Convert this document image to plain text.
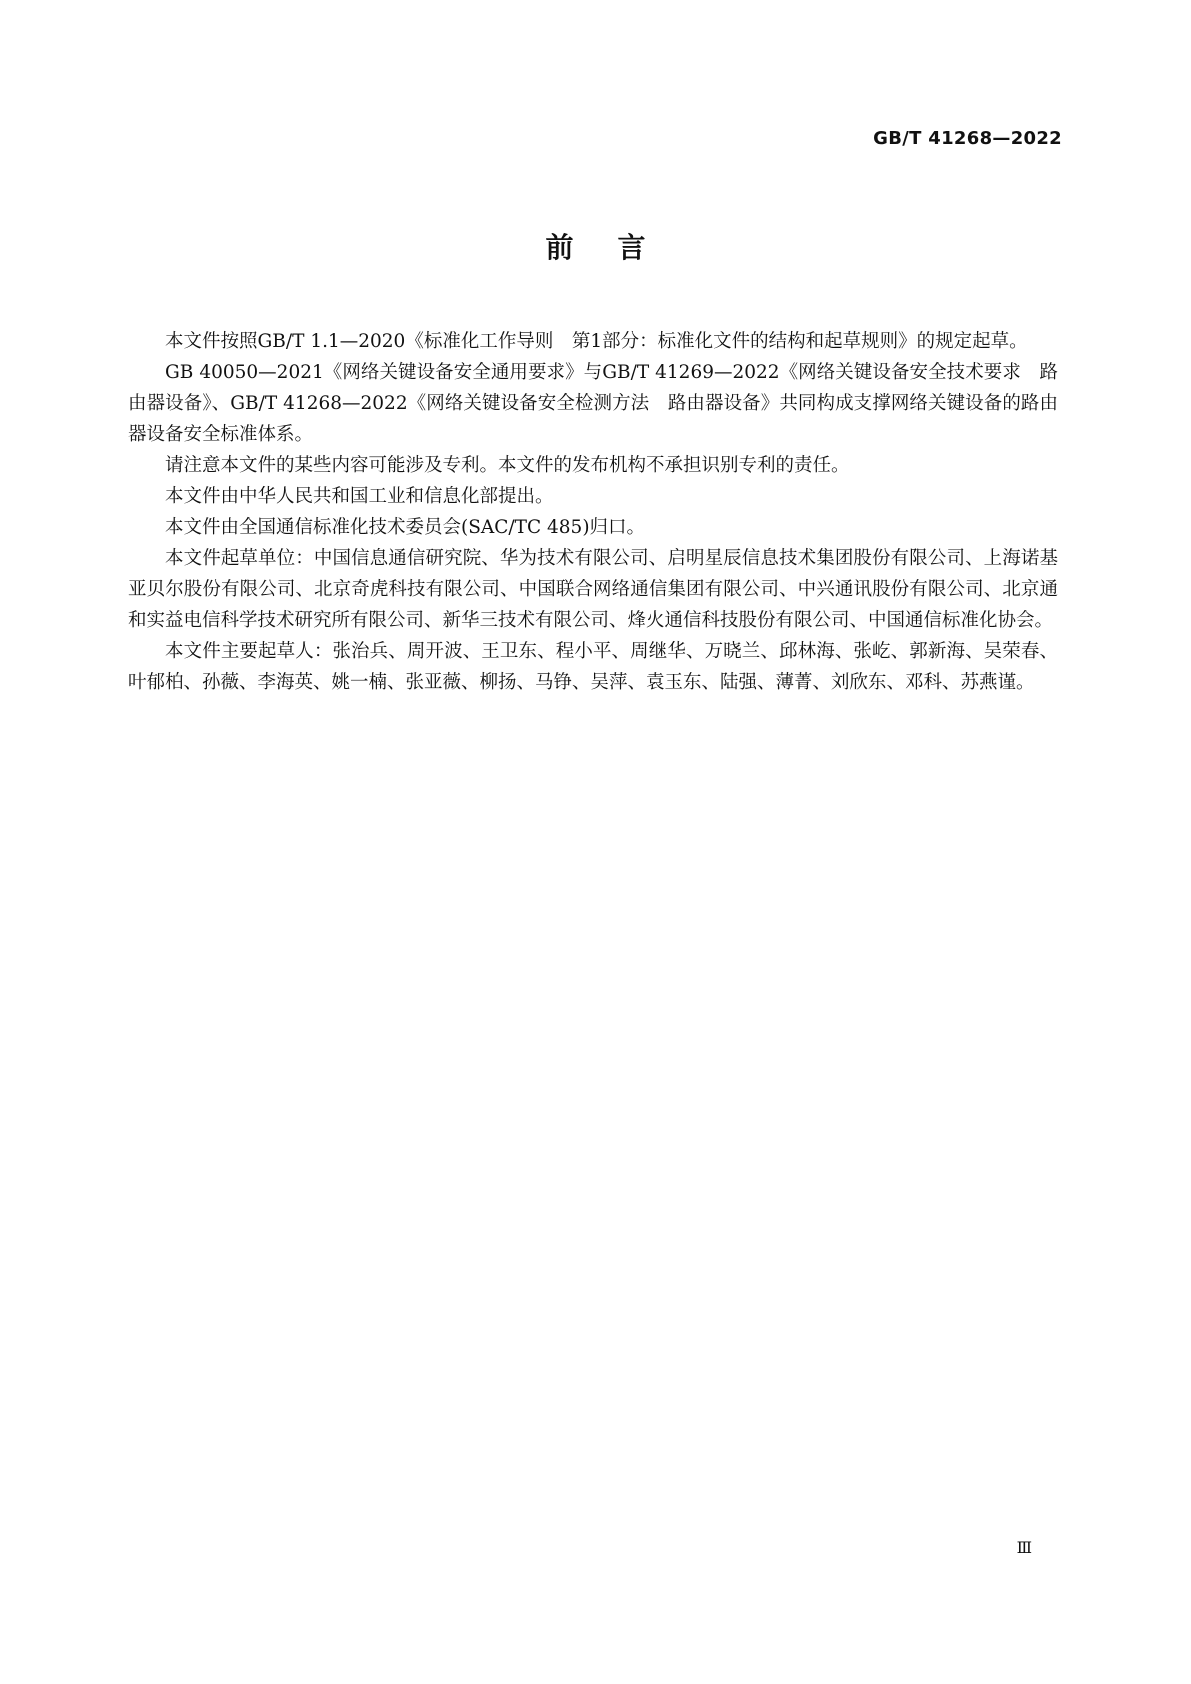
GB/T 41268—2022
前言

本文件按照GB/T 1.1—2020《标准化工作导则　第1部分：标准化文件的结构和起草规则》的规定起草。

GB 40050—2021《网络关键设备安全通用要求》与GB/T 41269—2022《网络关键设备安全技术要求　路由器设备》、GB/T 41268—2022《网络关键设备安全检测方法　路由器设备》共同构成支撑网络关键设备的路由器设备安全标准体系。

请注意本文件的某些内容可能涉及专利。本文件的发布机构不承担识别专利的责任。

本文件由中华人民共和国工业和信息化部提出。

本文件由全国通信标准化技术委员会(SAC/TC 485)归口。

本文件起草单位：中国信息通信研究院、华为技术有限公司、启明星辰信息技术集团股份有限公司、上海诺基亚贝尔股份有限公司、北京奇虎科技有限公司、中国联合网络通信集团有限公司、中兴通讯股份有限公司、北京通和实益电信科学技术研究所有限公司、新华三技术有限公司、烽火通信科技股份有限公司、中国通信标准化协会。

本文件主要起草人：张治兵、周开波、王卫东、程小平、周继华、万晓兰、邱林海、张屹、郭新海、吴荣春、叶郁柏、孙薇、李海英、姚一楠、张亚薇、柳扬、马铮、吴萍、袁玉东、陆强、薄菁、刘欣东、邓科、苏燕谨。

Ⅲ
